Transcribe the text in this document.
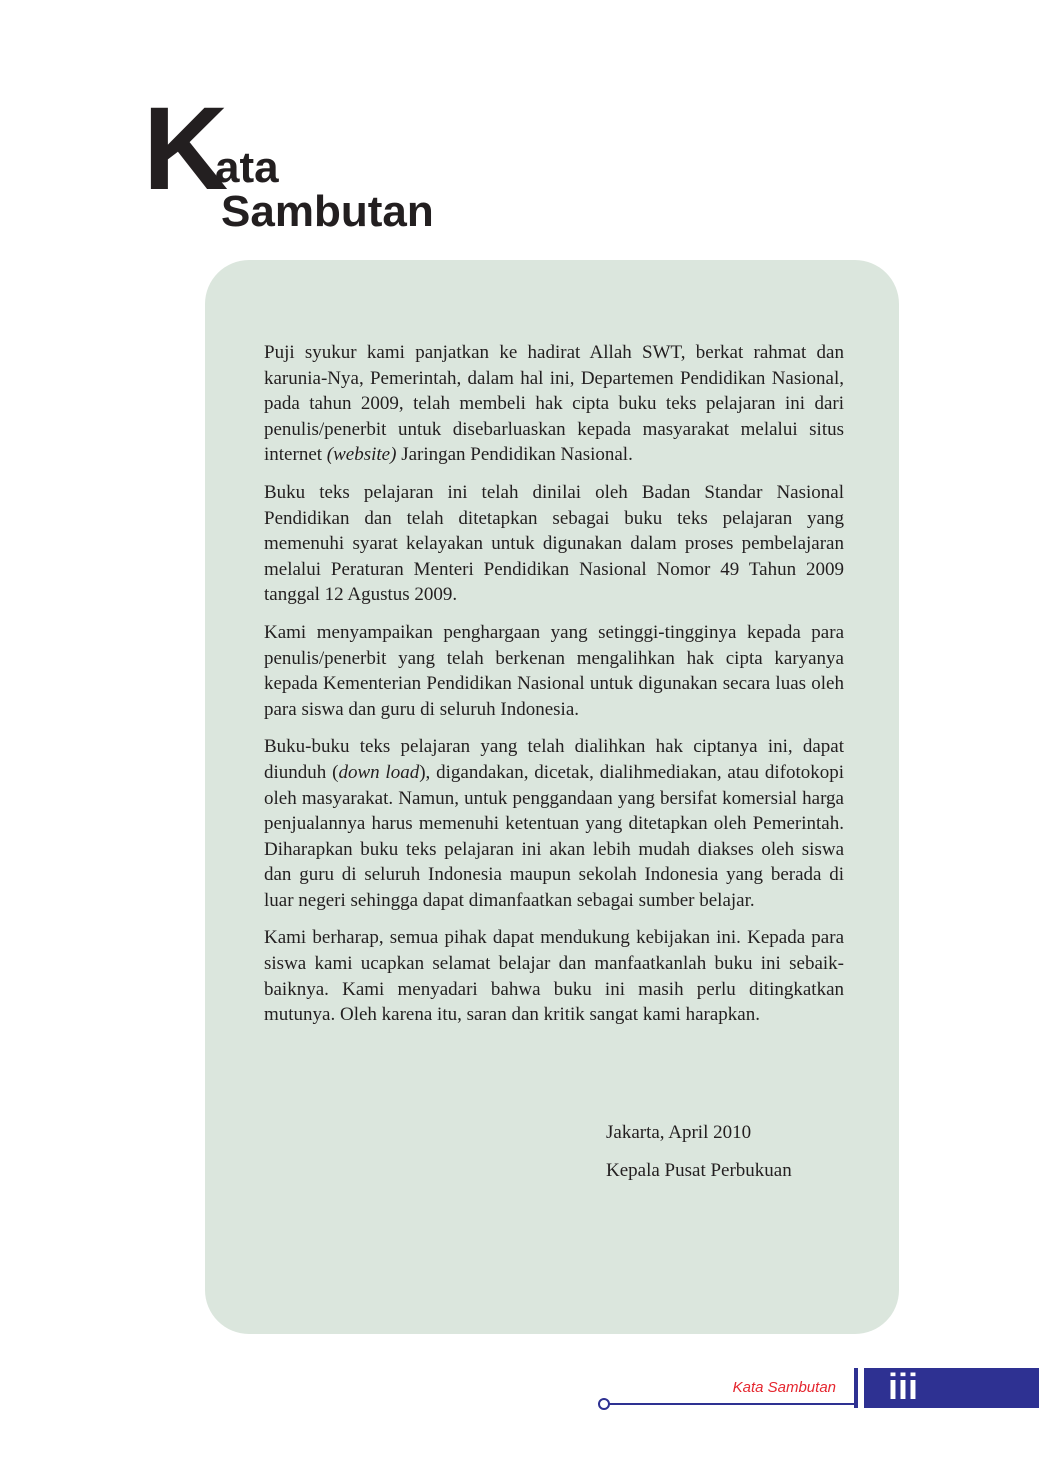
K
ata
Sambutan

Puji syukur kami panjatkan ke hadirat Allah SWT, berkat rahmat dan karunia-Nya, Pemerintah, dalam hal ini, Departemen Pendidikan Nasional, pada tahun 2009, telah membeli hak cipta buku teks pelajaran ini dari penulis/penerbit untuk disebarluaskan kepada masyarakat melalui situs internet (website) Jaringan Pendidikan Nasional.

Buku teks pelajaran ini telah dinilai oleh Badan Standar Nasional Pendidikan dan telah ditetapkan sebagai buku teks pelajaran yang memenuhi syarat kelayakan untuk digunakan dalam proses pembelajaran melalui Peraturan Menteri Pendidikan Nasional Nomor 49 Tahun 2009 tanggal 12 Agustus 2009.

Kami menyampaikan penghargaan yang setinggi-tingginya kepada para penulis/penerbit yang telah berkenan mengalihkan hak cipta karyanya kepada Kementerian Pendidikan Nasional untuk digunakan secara luas oleh para siswa dan guru di seluruh Indonesia.

Buku-buku teks pelajaran yang telah dialihkan hak ciptanya ini, dapat diunduh (down load), digandakan, dicetak, dialihmediakan, atau difotokopi oleh masyarakat. Namun, untuk penggandaan yang bersifat komersial harga penjualannya harus memenuhi ketentuan yang ditetapkan oleh Pemerintah. Diharapkan buku teks pelajaran ini akan lebih mudah diakses oleh siswa dan guru di seluruh Indonesia maupun sekolah Indonesia yang berada di luar negeri sehingga dapat dimanfaatkan sebagai sumber belajar.

Kami berharap, semua pihak dapat mendukung kebijakan ini. Kepada para siswa kami ucapkan selamat belajar dan manfaatkanlah buku ini sebaik-baiknya. Kami menyadari bahwa buku ini masih perlu ditingkatkan mutunya. Oleh karena itu, saran dan kritik sangat kami harapkan.

Jakarta, April 2010
Kepala Pusat Perbukuan
Kata Sambutan iii
